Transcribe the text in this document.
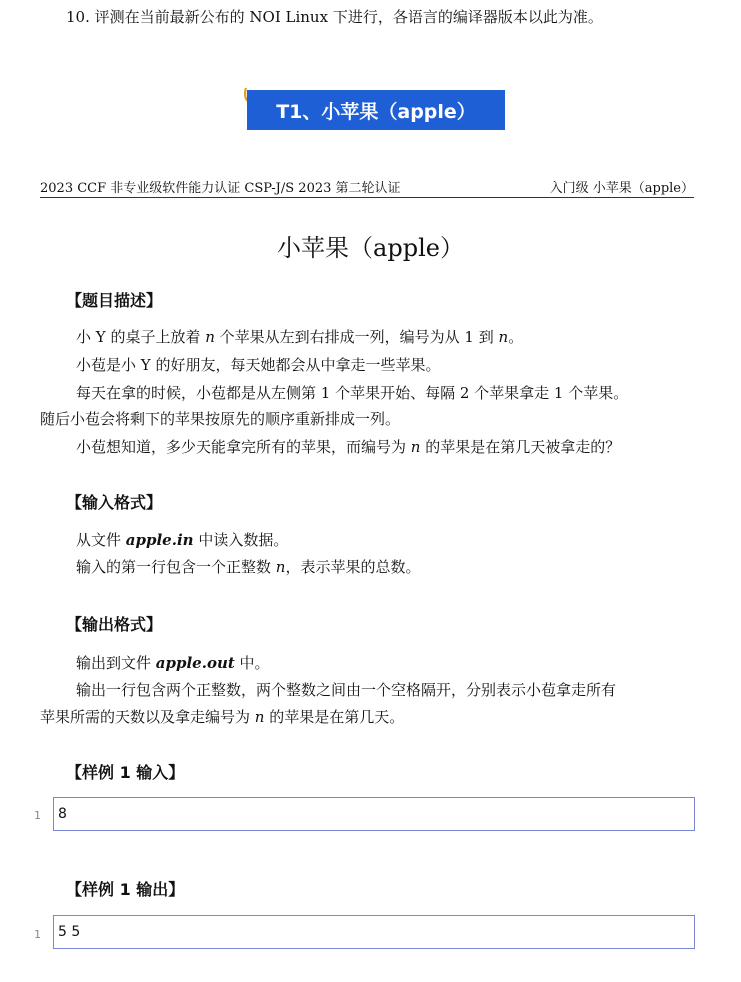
10. 评测在当前最新公布的 NOI Linux 下进行，各语言的编译器版本以此为准。
T1、小苹果（apple）
2023 CCF 非专业级软件能力认证 CSP-J/S 2023 第二轮认证	入门级 小苹果（apple）
小苹果（apple）
【题目描述】
小 Y 的桌子上放着 n 个苹果从左到右排成一列，编号为从 1 到 n。
小苞是小 Y 的好朋友，每天她都会从中拿走一些苹果。
每天在拿的时候，小苞都是从左侧第 1 个苹果开始、每隔 2 个苹果拿走 1 个苹果。
随后小苞会将剩下的苹果按原先的顺序重新排成一列。
小苞想知道，多少天能拿完所有的苹果，而编号为 n 的苹果是在第几天被拿走的？
【输入格式】
从文件 apple.in 中读入数据。
输入的第一行包含一个正整数 n，表示苹果的总数。
【输出格式】
输出到文件 apple.out 中。
输出一行包含两个正整数，两个整数之间由一个空格隔开，分别表示小苞拿走所有
苹果所需的天数以及拿走编号为 n 的苹果是在第几天。
【样例 1 输入】
1	8
【样例 1 输出】
1	5 5
